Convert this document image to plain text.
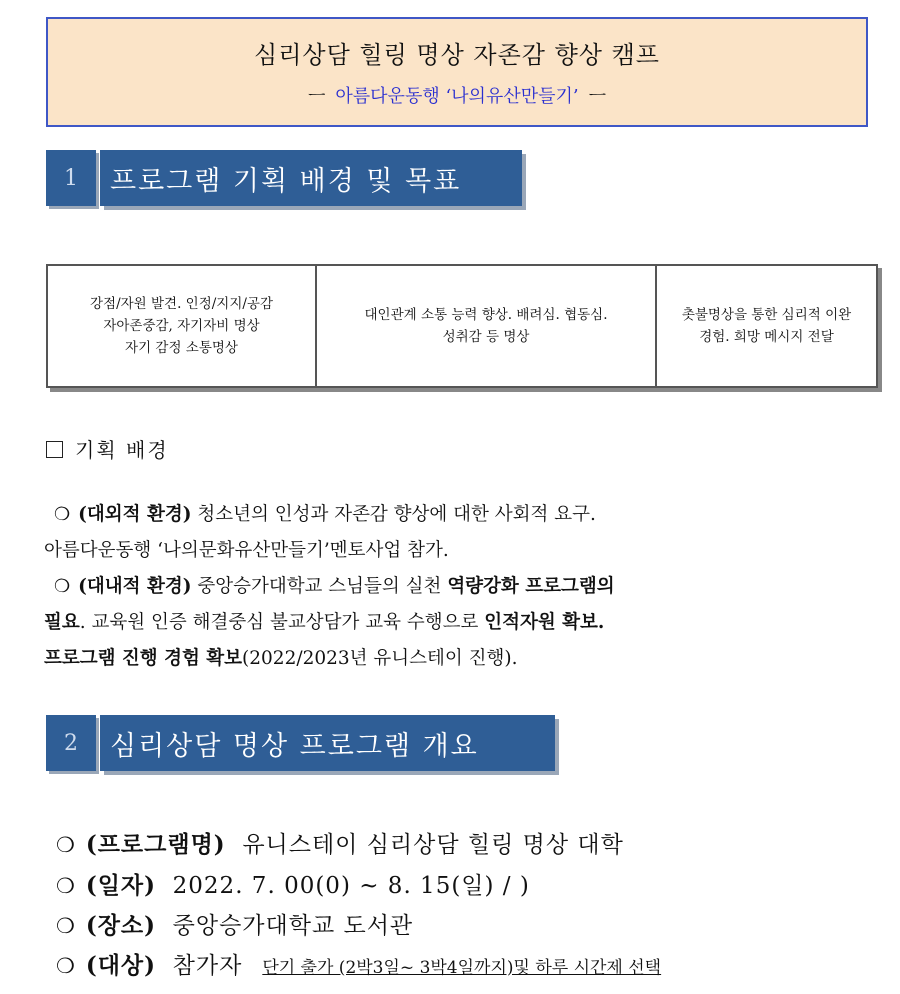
심리상담 힐링 명상 자존감 향상 캠프
ㅡ 아름다운동행 ‘나의유산만들기’ ㅡ
1	프로그램 기획 배경 및 목표
강점/자원 발견. 인정/지지/공감
자아존중감, 자기자비 명상
자기 감정 소통명상
대인관계 소통 능력 향상. 배려심. 협동심.
성취감 등 명상
촛불명상을 통한 심리적 이완
경험. 희망 메시지 전달
기획 배경
❍ (대외적 환경) 청소년의 인성과 자존감 향상에 대한 사회적 요구.
아름다운동행 ‘나의문화유산만들기’멘토사업 참가.
❍ (대내적 환경) 중앙승가대학교 스님들의 실천 역량강화 프로그램의
필요. 교육원 인증 해결중심 불교상담가 교육 수행으로 인적자원 확보.
프로그램 진행 경험 확보(2022/2023년 유니스테이 진행).
2	심리상담 명상 프로그램 개요
❍ (프로그램명) 유니스테이 심리상담 힐링 명상 대학
❍ (일자) 2022. 7. 00(0) ~ 8. 15(일) / )
❍ (장소) 중앙승가대학교 도서관
❍ (대상) 참가자 단기 출가 (2박3일~ 3박4일까지)및 하루 시간제 선택
